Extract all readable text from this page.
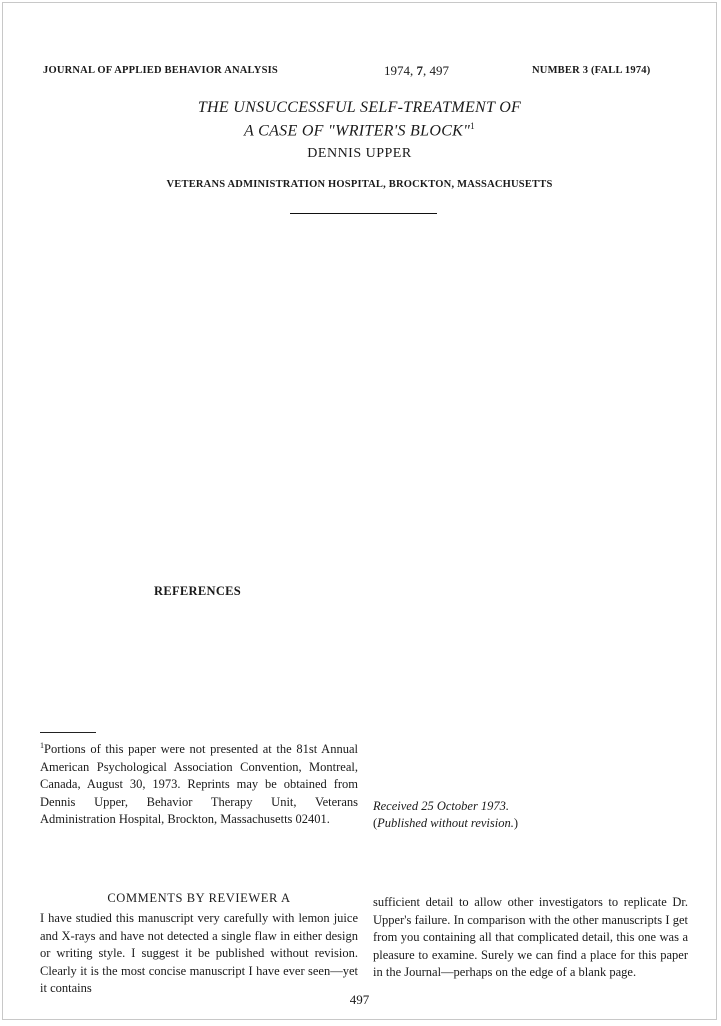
JOURNAL OF APPLIED BEHAVIOR ANALYSIS	1974, 7, 497	NUMBER 3 (FALL 1974)
THE UNSUCCESSFUL SELF-TREATMENT OF
A CASE OF "WRITER'S BLOCK"$^1$
DENNIS UPPER
VETERANS ADMINISTRATION HOSPITAL, BROCKTON, MASSACHUSETTS
REFERENCES
$^1$Portions of this paper were not presented at the 81st Annual American Psychological Association Convention, Montreal, Canada, August 30, 1973. Reprints may be obtained from Dennis Upper, Behavior Therapy Unit, Veterans Administration Hospital, Brockton, Massachusetts 02401.
Received 25 October 1973.
(Published without revision.)
COMMENTS BY REVIEWER A
I have studied this manuscript very carefully with lemon juice and X-rays and have not detected a single flaw in either design or writing style. I suggest it be published without revision. Clearly it is the most concise manuscript I have ever seen—yet it contains
sufficient detail to allow other investigators to replicate Dr. Upper's failure. In comparison with the other manuscripts I get from you containing all that complicated detail, this one was a pleasure to examine. Surely we can find a place for this paper in the Journal—perhaps on the edge of a blank page.
497
